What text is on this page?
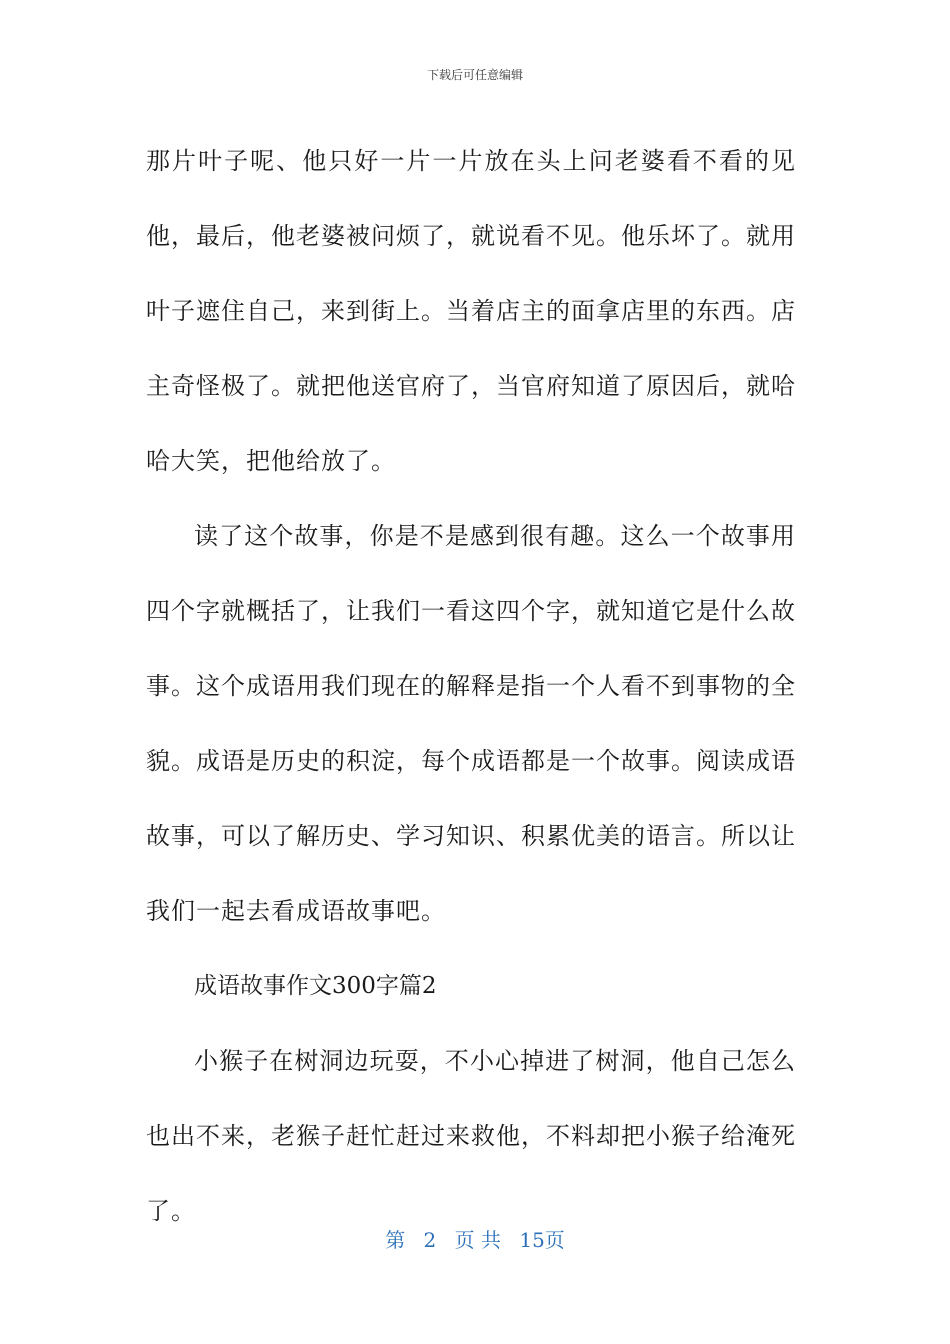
下载后可任意编辑

那片叶子呢、他只好一片一片放在头上问老婆看不看的见他，最后，他老婆被问烦了，就说看不见。他乐坏了。就用叶子遮住自己，来到街上。当着店主的面拿店里的东西。店主奇怪极了。就把他送官府了，当官府知道了原因后，就哈哈大笑，把他给放了。

读了这个故事，你是不是感到很有趣。这么一个故事用四个字就概括了，让我们一看这四个字，就知道它是什么故事。这个成语用我们现在的解释是指一个人看不到事物的全貌。成语是历史的积淀，每个成语都是一个故事。阅读成语故事，可以了解历史、学习知识、积累优美的语言。所以让我们一起去看成语故事吧。

成语故事作文300字篇2

小猴子在树洞边玩耍，不小心掉进了树洞，他自己怎么也出不来，老猴子赶忙赶过来救他，不料却把小猴子给淹死了。

第 2 页 共 15页
